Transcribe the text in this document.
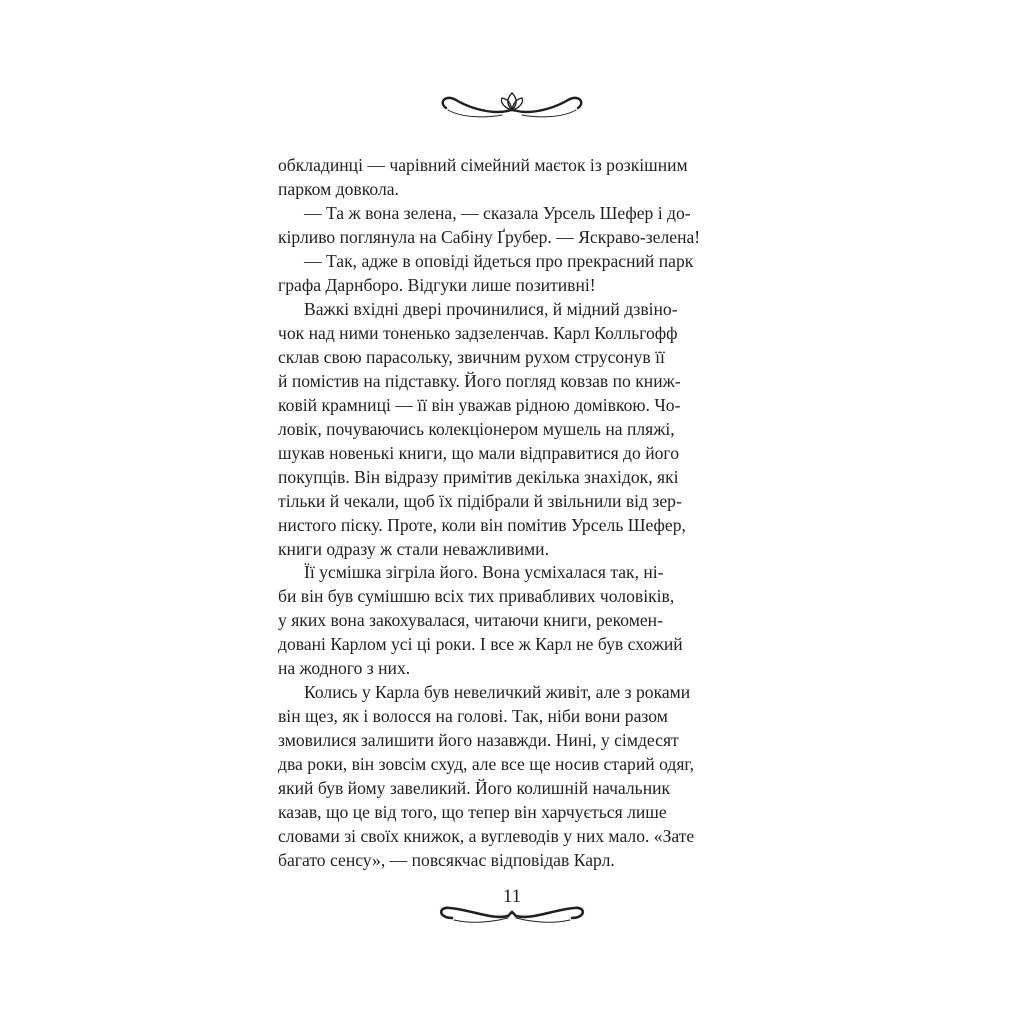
обкладинці — чарівний сімейний маєток із розкішним
парком довкола.
— Та ж вона зелена, — сказала Урсель Шефер і до-
кірливо поглянула на Сабіну Ґрубер. — Яскраво-зелена!
— Так, адже в оповіді йдеться про прекрасний парк
графа Дарнборо. Відгуки лише позитивні!
Важкі вхідні двері прочинилися, й мідний дзвіно-
чок над ними тоненько задзеленчав. Карл Колльгофф
склав свою парасольку, звичним рухом струсонув її
й помістив на підставку. Його погляд ковзав по книж-
ковій крамниці — її він уважав рідною домівкою. Чо-
ловік, почуваючись колекціонером мушель на пляжі,
шукав новенькі книги, що мали відправитися до його
покупців. Він відразу примітив декілька знахідок, які
тільки й чекали, щоб їх підібрали й звільнили від зер-
нистого піску. Проте, коли він помітив Урсель Шефер,
книги одразу ж стали неважливими.
Її усмішка зігріла його. Вона усміхалася так, ні-
би він був сумішшю всіх тих привабливих чоловіків,
у яких вона закохувалася, читаючи книги, рекомен-
довані Карлом усі ці роки. І все ж Карл не був схожий
на жодного з них.
Колись у Карла був невеличкий живіт, але з роками
він щез, як і волосся на голові. Так, ніби вони разом
змовилися залишити його назавжди. Нині, у сімдесят
два роки, він зовсім схуд, але все ще носив старий одяг,
який був йому завеликий. Його колишній начальник
казав, що це від того, що тепер він харчується лише
словами зі своїх книжок, а вуглеводів у них мало. «Зате
багато сенсу», — повсякчас відповідав Карл.
11
